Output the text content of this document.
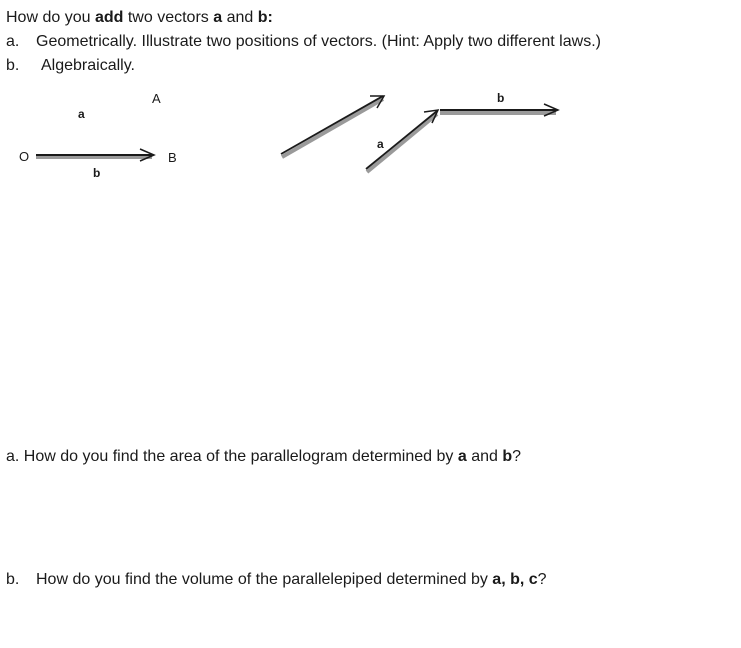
How do you add two vectors a and b:
a. Geometrically. Illustrate two positions of vectors. (Hint: Apply two different laws.)
b. Algebraically.
A
a
O	B
b
a
b
a. How do you find the area of the parallelogram determined by a and b?
b. How do you find the volume of the parallelepiped determined by a, b, c?
